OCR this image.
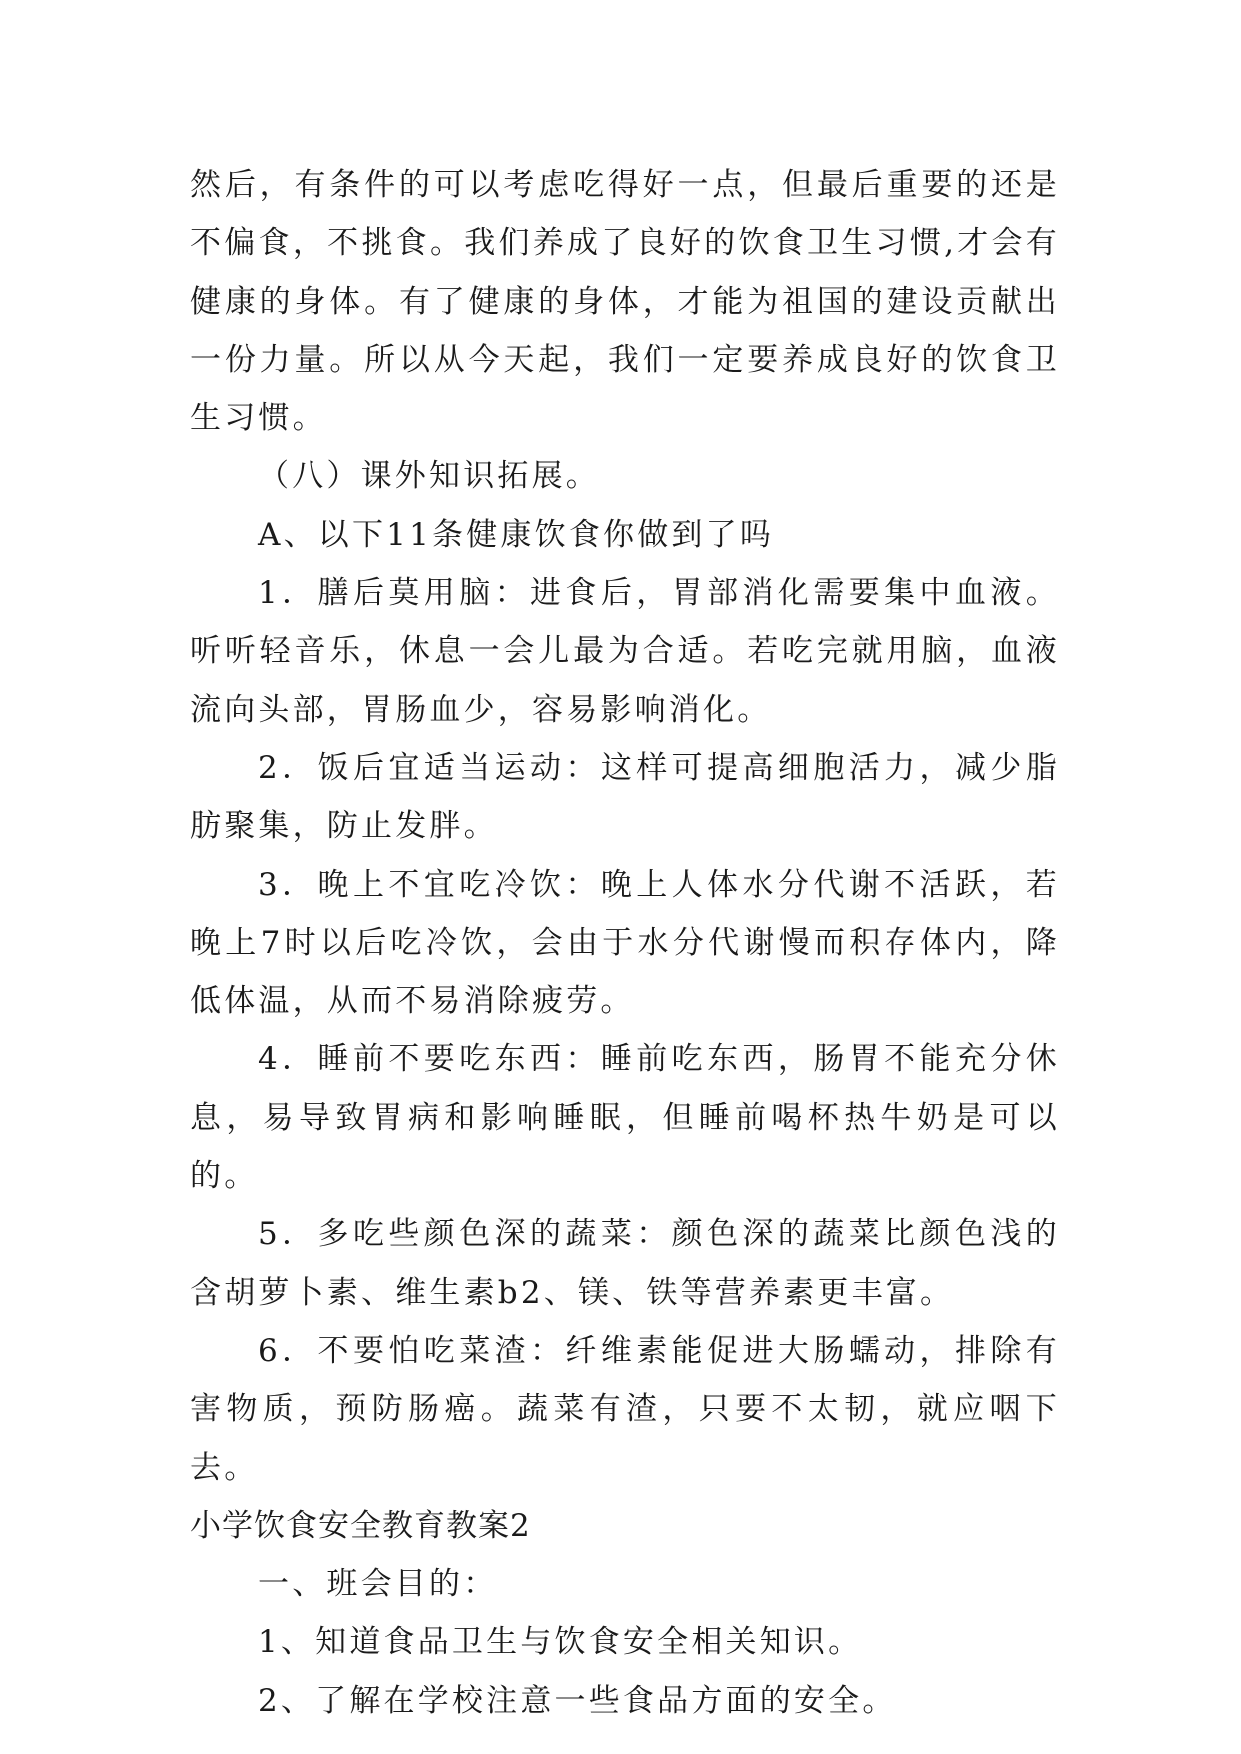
然后，有条件的可以考虑吃得好一点，但最后重要的还是不偏食，不挑食。我们养成了良好的饮食卫生习惯,才会有健康的身体。有了健康的身体，才能为祖国的建设贡献出一份力量。所以从今天起，我们一定要养成良好的饮食卫生习惯。

（八）课外知识拓展。

A、以下11条健康饮食你做到了吗

1．膳后莫用脑：进食后，胃部消化需要集中血液。听听轻音乐，休息一会儿最为合适。若吃完就用脑，血液流向头部，胃肠血少，容易影响消化。

2．饭后宜适当运动：这样可提高细胞活力，减少脂肪聚集，防止发胖。

3．晚上不宜吃冷饮：晚上人体水分代谢不活跃，若晚上7时以后吃冷饮，会由于水分代谢慢而积存体内，降低体温，从而不易消除疲劳。

4．睡前不要吃东西：睡前吃东西，肠胃不能充分休息，易导致胃病和影响睡眠，但睡前喝杯热牛奶是可以的。

5．多吃些颜色深的蔬菜：颜色深的蔬菜比颜色浅的含胡萝卜素、维生素b2、镁、铁等营养素更丰富。

6．不要怕吃菜渣：纤维素能促进大肠蠕动，排除有害物质，预防肠癌。蔬菜有渣，只要不太韧，就应咽下去。

小学饮食安全教育教案2

一、班会目的：

1、知道食品卫生与饮食安全相关知识。

2、了解在学校注意一些食品方面的安全。
